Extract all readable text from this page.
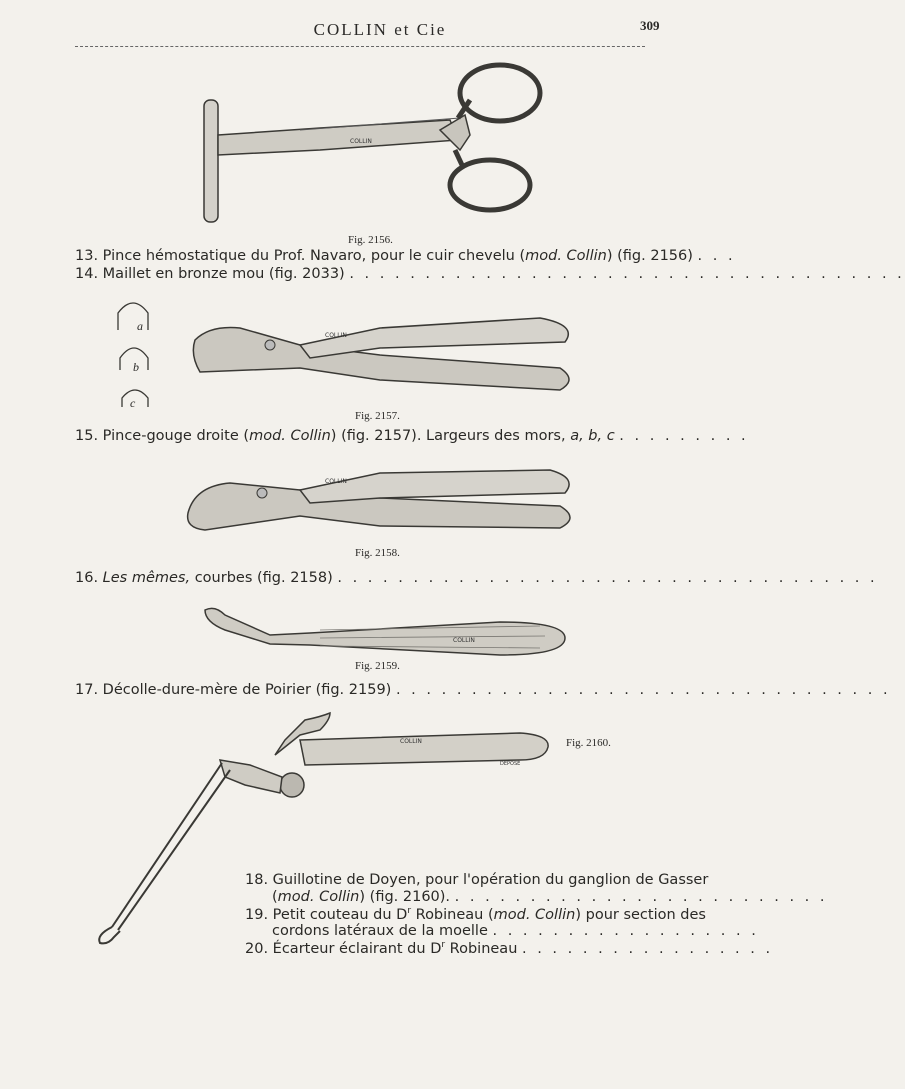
COLLIN et Cie	309
COLLIN
Fig. 2156.
13. Pince hémostatique du Prof. Navaro, pour le cuir chevelu (mod. Collin) (fig. 2156) . . .
14. Maillet en bronze mou (fig. 2033) . . . . . . . . . . . . . . . . . . . . . . . . . . . . . . . . . . . . .
a
b
c
COLLIN
Fig. 2157.
15. Pince-gouge droite (mod. Collin) (fig. 2157). Largeurs des mors, a, b, c . . . . . . . . .
COLLIN
Fig. 2158.
16. Les mêmes, courbes (fig. 2158) . . . . . . . . . . . . . . . . . . . . . . . . . . . . . . . . . . . .
COLLIN
Fig. 2159.
17. Décolle-dure-mère de Poirier (fig. 2159) . . . . . . . . . . . . . . . . . . . . . . . . . . . . . . . . .
COLLIN
DEPOSÉ
Fig. 2160.
18. Guillotine de Doyen, pour l'opération du ganglion de Gasser
(mod. Collin) (fig. 2160). . . . . . . . . . . . . . . . . . . . . . . . . .
19. Petit couteau du $D^r$ Robineau (mod. Collin) pour section des
cordons latéraux de la moelle . . . . . . . . . . . . . . . . . .
20. Écarteur éclairant du $D^r$ Robineau . . . . . . . . . . . . . . . . .
